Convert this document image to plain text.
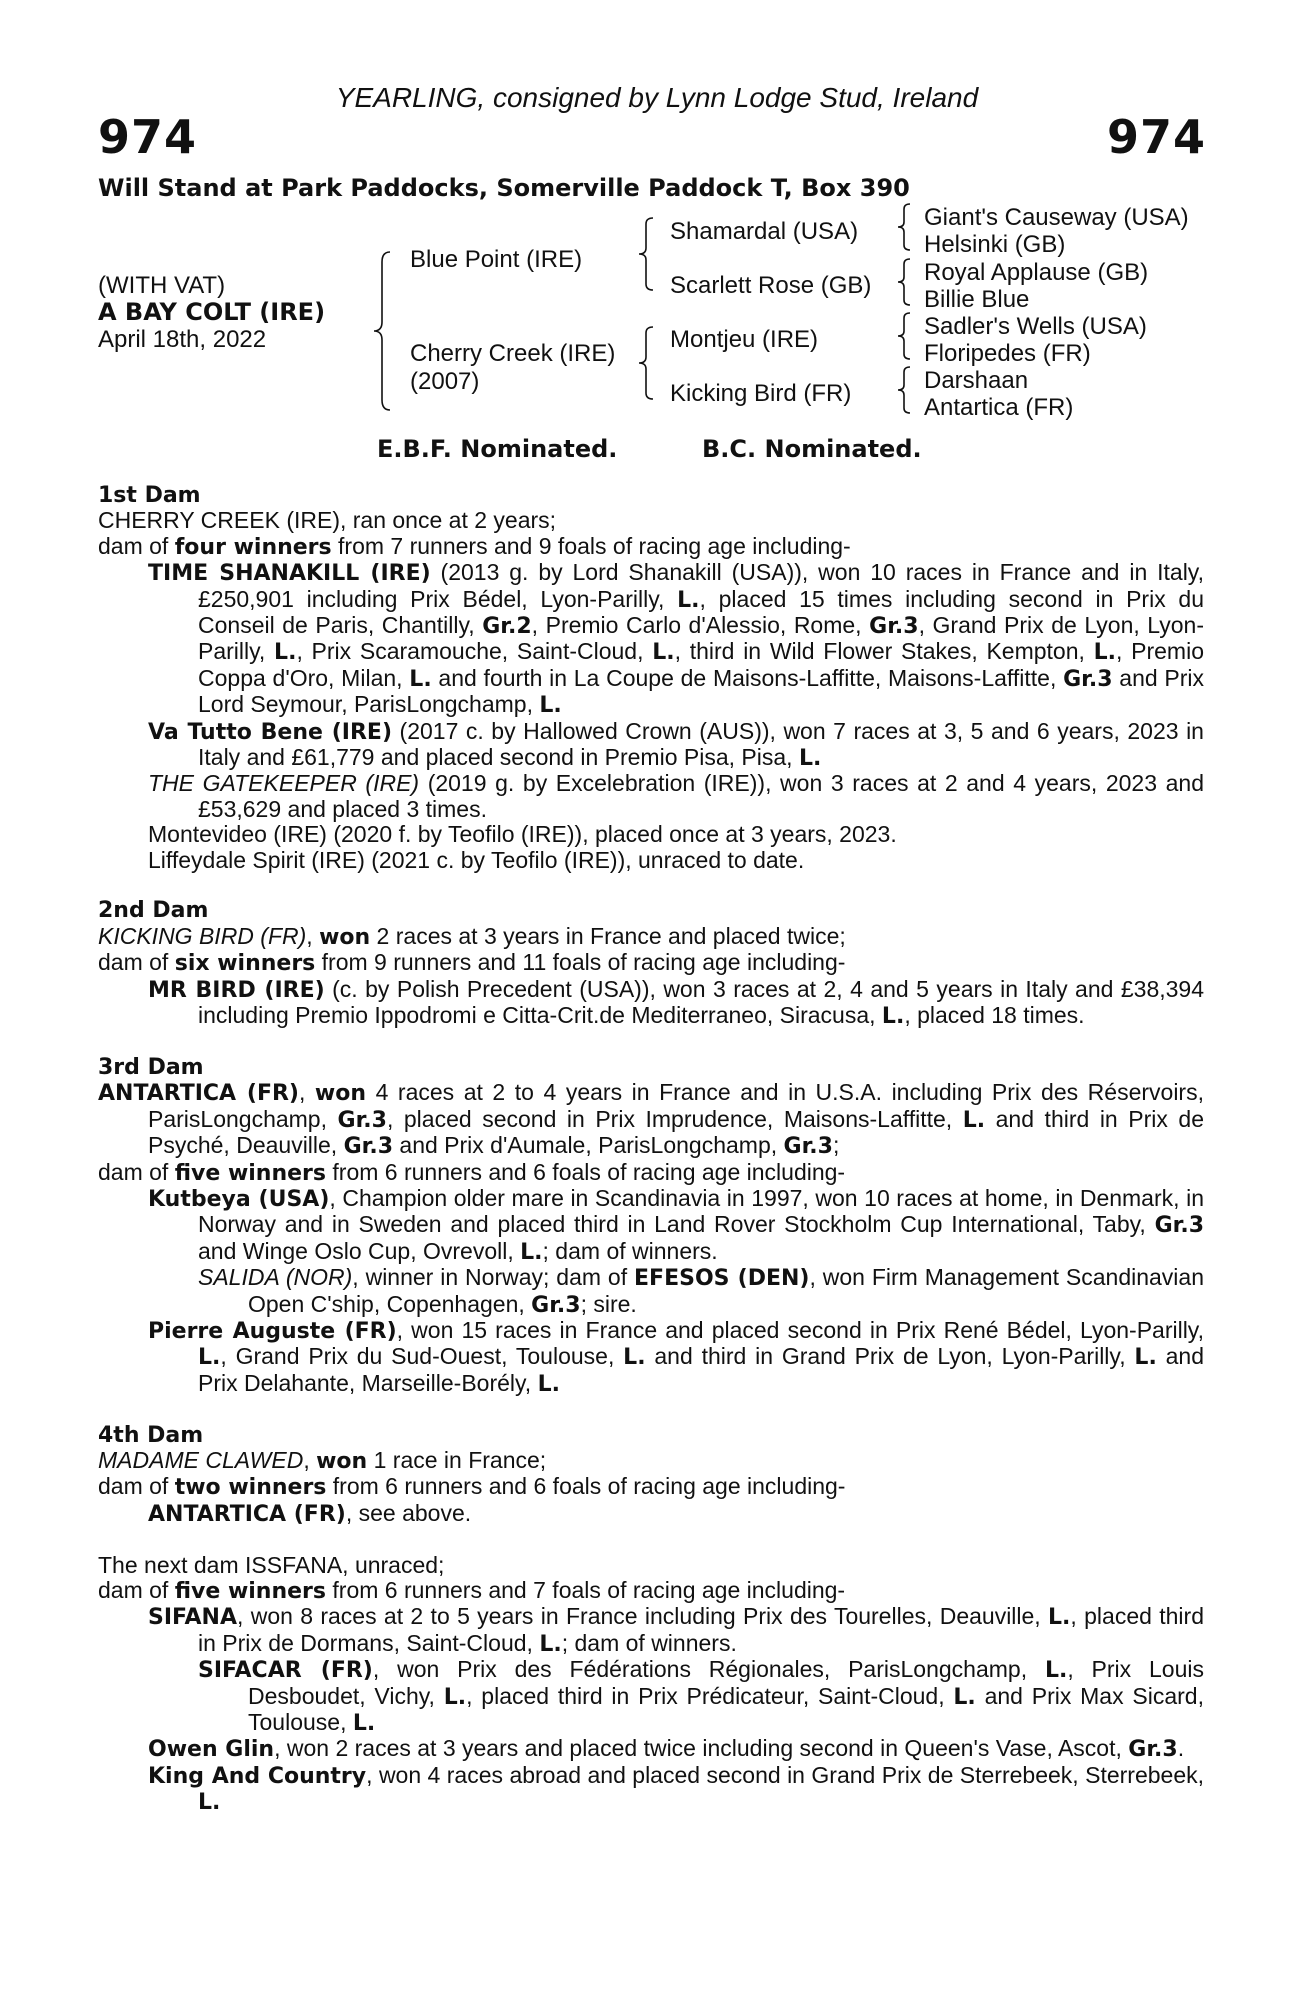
YEARLING, consigned by Lynn Lodge Stud, Ireland
974	974
Will Stand at Park Paddocks, Somerville Paddock T, Box 390
(WITH VAT)
A BAY COLT (IRE)
April 18th, 2022
Blue Point (IRE)
Cherry Creek (IRE)
(2007)
Shamardal (USA)
Scarlett Rose (GB)
Montjeu (IRE)
Kicking Bird (FR)
Giant's Causeway (USA)
Helsinki (GB)
Royal Applause (GB)
Billie Blue
Sadler's Wells (USA)
Floripedes (FR)
Darshaan
Antartica (FR)
E.B.F. Nominated.	B.C. Nominated.
1st Dam
CHERRY CREEK (IRE), ran once at 2 years;
dam of four winners from 7 runners and 9 foals of racing age including-
TIME SHANAKILL (IRE) (2013 g. by Lord Shanakill (USA)), won 10 races in France and in Italy, £250,901 including Prix Bédel, Lyon-Parilly, L., placed 15 times including second in Prix du Conseil de Paris, Chantilly, Gr.2, Premio Carlo d'Alessio, Rome, Gr.3, Grand Prix de Lyon, Lyon-Parilly, L., Prix Scaramouche, Saint-Cloud, L., third in Wild Flower Stakes, Kempton, L., Premio Coppa d'Oro, Milan, L. and fourth in La Coupe de Maisons-Laffitte, Maisons-Laffitte, Gr.3 and Prix Lord Seymour, ParisLongchamp, L.
Va Tutto Bene (IRE) (2017 c. by Hallowed Crown (AUS)), won 7 races at 3, 5 and 6 years, 2023 in Italy and £61,779 and placed second in Premio Pisa, Pisa, L.
THE GATEKEEPER (IRE) (2019 g. by Excelebration (IRE)), won 3 races at 2 and 4 years, 2023 and £53,629 and placed 3 times.
Montevideo (IRE) (2020 f. by Teofilo (IRE)), placed once at 3 years, 2023.
Liffeydale Spirit (IRE) (2021 c. by Teofilo (IRE)), unraced to date.
2nd Dam
KICKING BIRD (FR), won 2 races at 3 years in France and placed twice;
dam of six winners from 9 runners and 11 foals of racing age including-
MR BIRD (IRE) (c. by Polish Precedent (USA)), won 3 races at 2, 4 and 5 years in Italy and £38,394 including Premio Ippodromi e Citta-Crit.de Mediterraneo, Siracusa, L., placed 18 times.
3rd Dam
ANTARTICA (FR), won 4 races at 2 to 4 years in France and in U.S.A. including Prix des Réservoirs, ParisLongchamp, Gr.3, placed second in Prix Imprudence, Maisons-Laffitte, L. and third in Prix de Psyché, Deauville, Gr.3 and Prix d'Aumale, ParisLongchamp, Gr.3;
dam of five winners from 6 runners and 6 foals of racing age including-
Kutbeya (USA), Champion older mare in Scandinavia in 1997, won 10 races at home, in Denmark, in Norway and in Sweden and placed third in Land Rover Stockholm Cup International, Taby, Gr.3 and Winge Oslo Cup, Ovrevoll, L.; dam of winners.
SALIDA (NOR), winner in Norway; dam of EFESOS (DEN), won Firm Management Scandinavian Open C'ship, Copenhagen, Gr.3; sire.
Pierre Auguste (FR), won 15 races in France and placed second in Prix René Bédel, Lyon-Parilly, L., Grand Prix du Sud-Ouest, Toulouse, L. and third in Grand Prix de Lyon, Lyon-Parilly, L. and Prix Delahante, Marseille-Borély, L.
4th Dam
MADAME CLAWED, won 1 race in France;
dam of two winners from 6 runners and 6 foals of racing age including-
ANTARTICA (FR), see above.
The next dam ISSFANA, unraced;
dam of five winners from 6 runners and 7 foals of racing age including-
SIFANA, won 8 races at 2 to 5 years in France including Prix des Tourelles, Deauville, L., placed third in Prix de Dormans, Saint-Cloud, L.; dam of winners.
SIFACAR (FR), won Prix des Fédérations Régionales, ParisLongchamp, L., Prix Louis Desboudet, Vichy, L., placed third in Prix Prédicateur, Saint-Cloud, L. and Prix Max Sicard, Toulouse, L.
Owen Glin, won 2 races at 3 years and placed twice including second in Queen's Vase, Ascot, Gr.3.
King And Country, won 4 races abroad and placed second in Grand Prix de Sterrebeek, Sterrebeek, L.
